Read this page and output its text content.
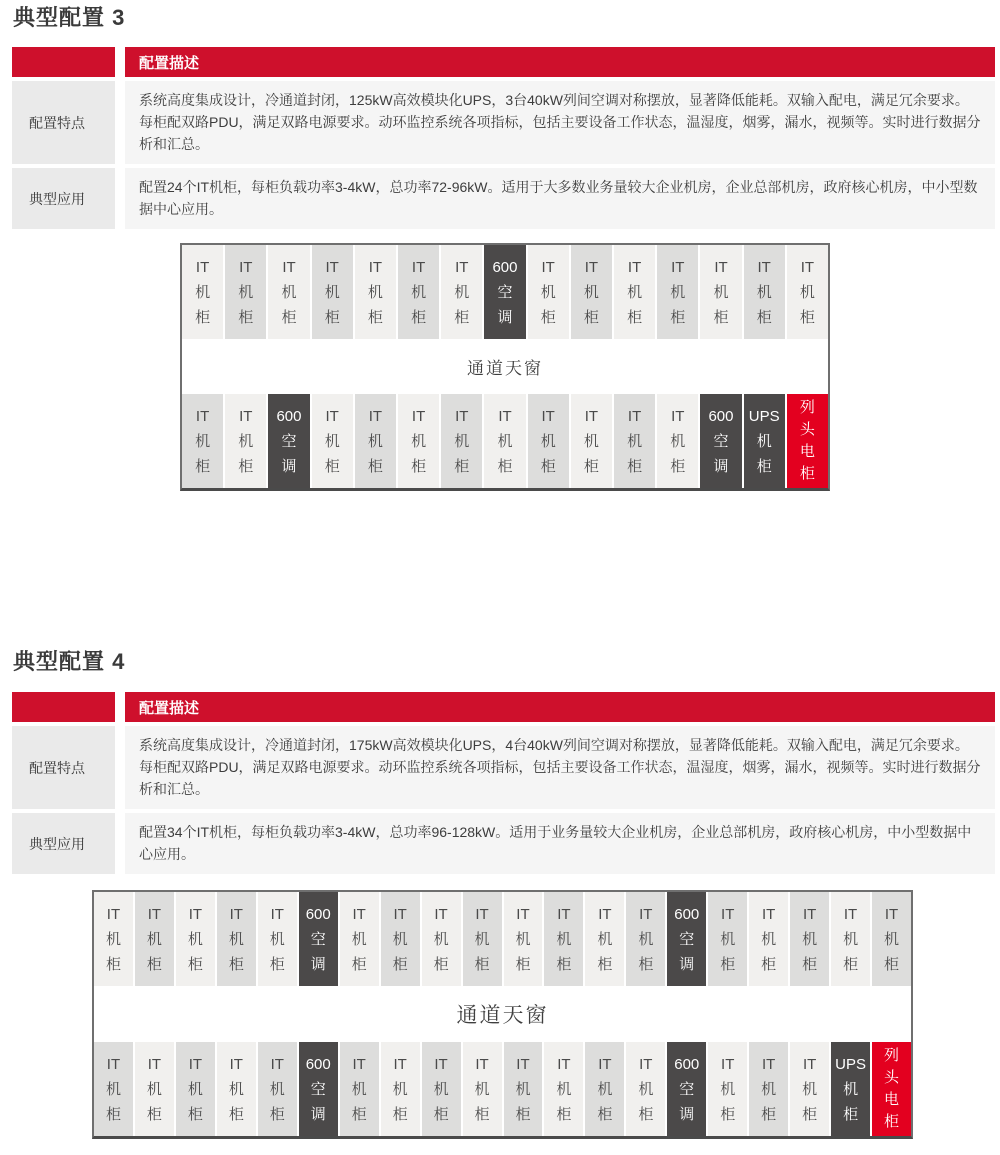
典型配置 3
配置描述
配置特点
系统高度集成设计，冷通道封闭，125kW高效模块化UPS，3台40kW列间空调对称摆放，显著降低能耗。双输入配电，满足冗余要求。每柜配双路PDU，满足双路电源要求。动环监控系统各项指标，包括主要设备工作状态，温湿度，烟雾，漏水，视频等。实时进行数据分析和汇总。
典型应用
配置24个IT机柜，每柜负载功率3-4kW，总功率72-96kW。适用于大多数业务量较大企业机房，企业总部机房，政府核心机房，中小型数据中心应用。
IT
机
柜
IT
机
柜
IT
机
柜
IT
机
柜
IT
机
柜
IT
机
柜
IT
机
柜
600
空
调
IT
机
柜
IT
机
柜
IT
机
柜
IT
机
柜
IT
机
柜
IT
机
柜
IT
机
柜
通道天窗
IT
机
柜
IT
机
柜
600
空
调
IT
机
柜
IT
机
柜
IT
机
柜
IT
机
柜
IT
机
柜
IT
机
柜
IT
机
柜
IT
机
柜
IT
机
柜
600
空
调
UPS
机
柜
列
头
电
柜
典型配置 4
配置描述
配置特点
系统高度集成设计，冷通道封闭，175kW高效模块化UPS，4台40kW列间空调对称摆放，显著降低能耗。双输入配电，满足冗余要求。每柜配双路PDU，满足双路电源要求。动环监控系统各项指标，包括主要设备工作状态，温湿度，烟雾，漏水，视频等。实时进行数据分析和汇总。
典型应用
配置34个IT机柜，每柜负载功率3-4kW，总功率96-128kW。适用于业务量较大企业机房，企业总部机房，政府核心机房，中小型数据中心应用。
IT
机
柜
IT
机
柜
IT
机
柜
IT
机
柜
IT
机
柜
600
空
调
IT
机
柜
IT
机
柜
IT
机
柜
IT
机
柜
IT
机
柜
IT
机
柜
IT
机
柜
IT
机
柜
600
空
调
IT
机
柜
IT
机
柜
IT
机
柜
IT
机
柜
IT
机
柜
通道天窗
IT
机
柜
IT
机
柜
IT
机
柜
IT
机
柜
IT
机
柜
600
空
调
IT
机
柜
IT
机
柜
IT
机
柜
IT
机
柜
IT
机
柜
IT
机
柜
IT
机
柜
IT
机
柜
600
空
调
IT
机
柜
IT
机
柜
IT
机
柜
UPS
机
柜
列
头
电
柜
